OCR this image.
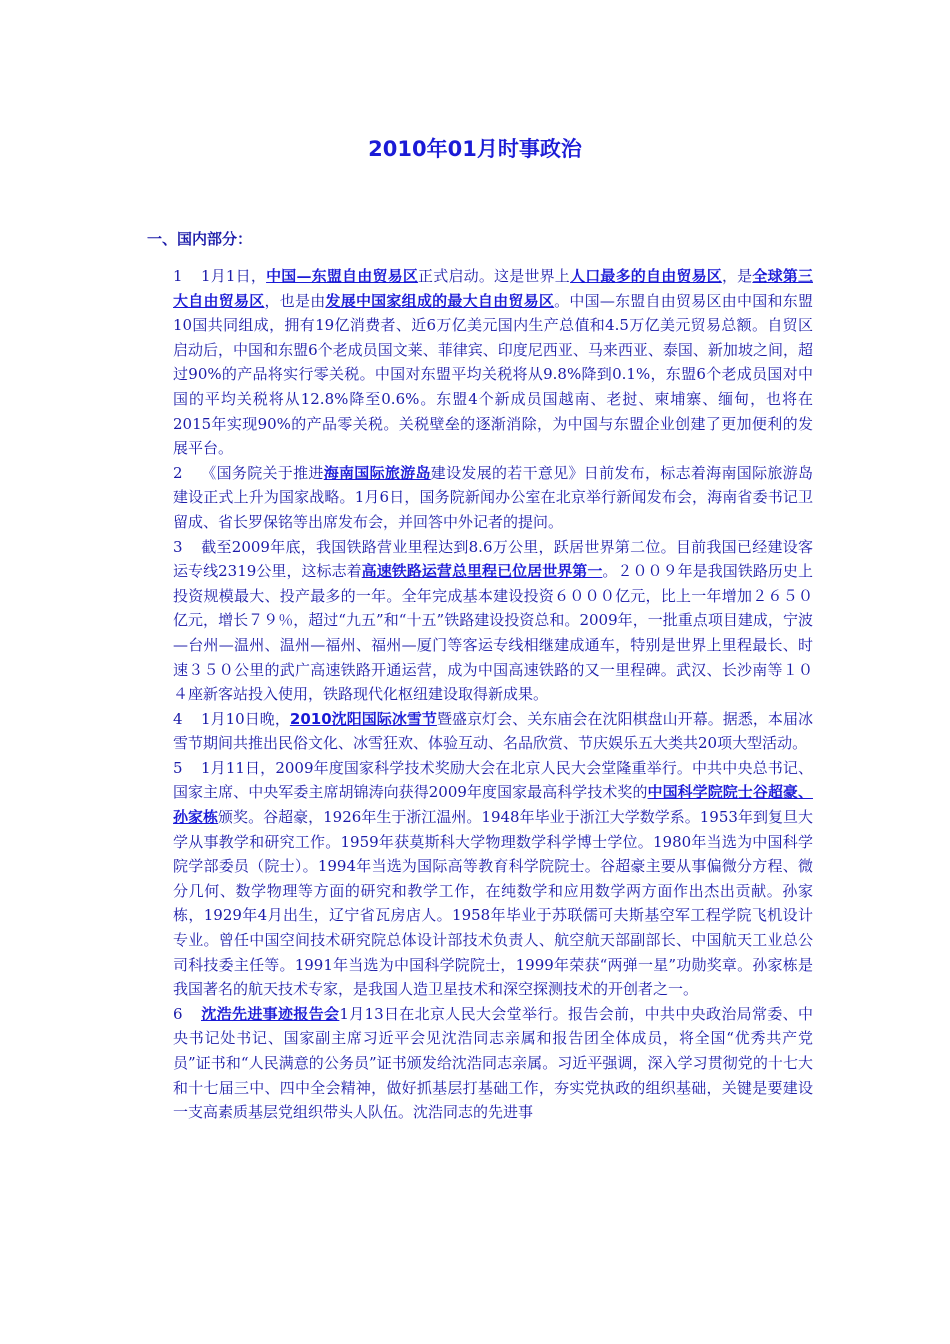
2010年01月时事政治
一、国内部分：

1 1月1日，中国—东盟自由贸易区正式启动。这是世界上人口最多的自由贸易区，是全球第三大自由贸易区，也是由发展中国家组成的最大自由贸易区。中国—东盟自由贸易区由中国和东盟10国共同组成，拥有19亿消费者、近6万亿美元国内生产总值和4.5万亿美元贸易总额。自贸区启动后，中国和东盟6个老成员国文莱、菲律宾、印度尼西亚、马来西亚、泰国、新加坡之间，超过90%的产品将实行零关税。中国对东盟平均关税将从9.8%降到0.1%，东盟6个老成员国对中国的平均关税将从12.8%降至0.6%。东盟4个新成员国越南、老挝、柬埔寨、缅甸，也将在2015年实现90%的产品零关税。关税壁垒的逐渐消除，为中国与东盟企业创建了更加便利的发展平台。

2 《国务院关于推进海南国际旅游岛建设发展的若干意见》日前发布，标志着海南国际旅游岛建设正式上升为国家战略。1月6日，国务院新闻办公室在北京举行新闻发布会，海南省委书记卫留成、省长罗保铭等出席发布会，并回答中外记者的提问。

3 截至2009年底，我国铁路营业里程达到8.6万公里，跃居世界第二位。目前我国已经建设客运专线2319公里，这标志着高速铁路运营总里程已位居世界第一。２００９年是我国铁路历史上投资规模最大、投产最多的一年。全年完成基本建设投资６０００亿元，比上一年增加２６５０亿元，增长７９％，超过“九五”和“十五”铁路建设投资总和。2009年，一批重点项目建成，宁波—台州—温州、温州—福州、福州—厦门等客运专线相继建成通车，特别是世界上里程最长、时速３５０公里的武广高速铁路开通运营，成为中国高速铁路的又一里程碑。武汉、长沙南等１０４座新客站投入使用，铁路现代化枢纽建设取得新成果。

4 1月10日晚，2010沈阳国际冰雪节暨盛京灯会、关东庙会在沈阳棋盘山开幕。据悉，本届冰雪节期间共推出民俗文化、冰雪狂欢、体验互动、名品欣赏、节庆娱乐五大类共20项大型活动。

5 1月11日，2009年度国家科学技术奖励大会在北京人民大会堂隆重举行。中共中央总书记、国家主席、中央军委主席胡锦涛向获得2009年度国家最高科学技术奖的中国科学院院士谷超豪、孙家栋颁奖。谷超豪，1926年生于浙江温州。1948年毕业于浙江大学数学系。1953年到复旦大学从事教学和研究工作。1959年获莫斯科大学物理数学科学博士学位。1980年当选为中国科学院学部委员（院士）。1994年当选为国际高等教育科学院院士。谷超豪主要从事偏微分方程、微分几何、数学物理等方面的研究和教学工作，在纯数学和应用数学两方面作出杰出贡献。孙家栋，1929年4月出生，辽宁省瓦房店人。1958年毕业于苏联儒可夫斯基空军工程学院飞机设计专业。曾任中国空间技术研究院总体设计部技术负责人、航空航天部副部长、中国航天工业总公司科技委主任等。1991年当选为中国科学院院士，1999年荣获“两弹一星”功勋奖章。孙家栋是我国著名的航天技术专家，是我国人造卫星技术和深空探测技术的开创者之一。

6 沈浩先进事迹报告会1月13日在北京人民大会堂举行。报告会前，中共中央政治局常委、中央书记处书记、国家副主席习近平会见沈浩同志亲属和报告团全体成员，将全国“优秀共产党员”证书和“人民满意的公务员”证书颁发给沈浩同志亲属。习近平强调，深入学习贯彻党的十七大和十七届三中、四中全会精神，做好抓基层打基础工作，夯实党执政的组织基础，关键是要建设一支高素质基层党组织带头人队伍。沈浩同志的先进事
